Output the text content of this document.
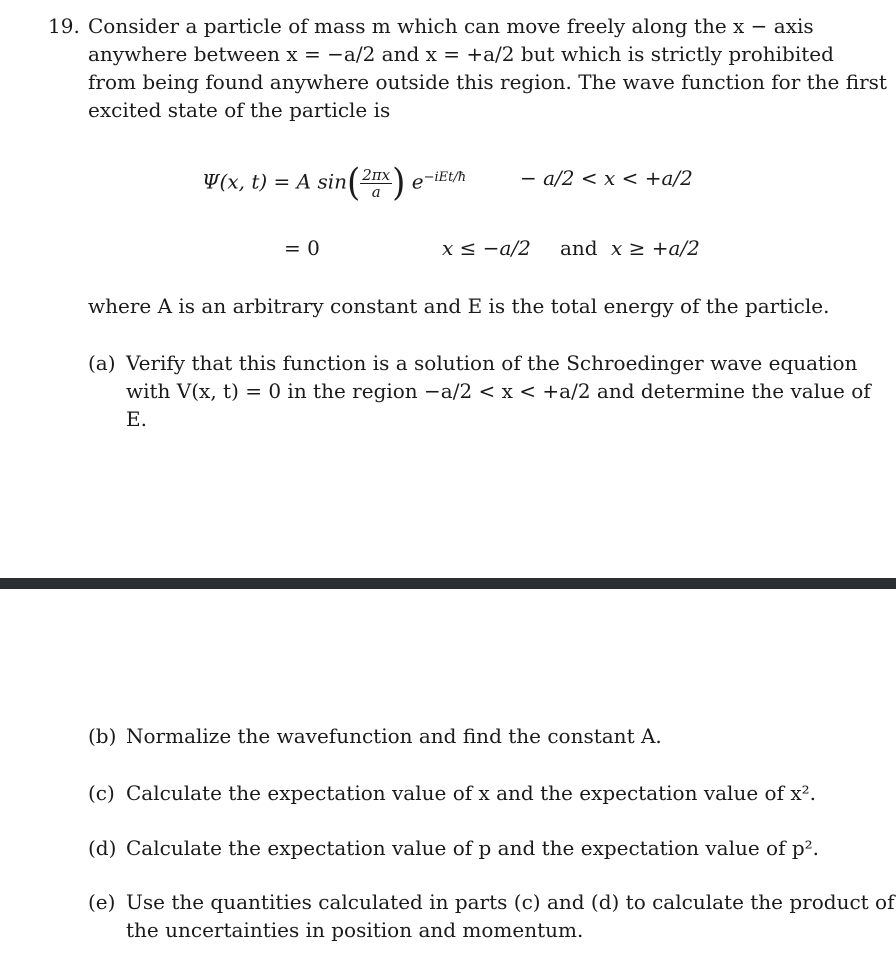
19. Consider a particle of mass m which can move freely along the x − axis
anywhere between x = −a/2 and x = +a/2 but which is strictly prohibited
from being found anywhere outside this region. The wave function for the first
excited state of the particle is
Ψ(x, t) = A $\sin( \frac{2\pi x}{a}$ ) $e^{-iEt/ħ}$	− a/2 < x < +a/2
= 0	x ≤ −a/2 and x ≥ +a/2
where A is an arbitrary constant and E is the total energy of the particle.
(a) Verify that this function is a solution of the Schroedinger wave equation
with V(x, t) = 0 in the region −a/2 < x < +a/2 and determine the value of
E.
(b) Normalize the wavefunction and find the constant A.
(c) Calculate the expectation value of x and the expectation value of x².
(d) Calculate the expectation value of p and the expectation value of p².
(e) Use the quantities calculated in parts (c) and (d) to calculate the product of
the uncertainties in position and momentum.
